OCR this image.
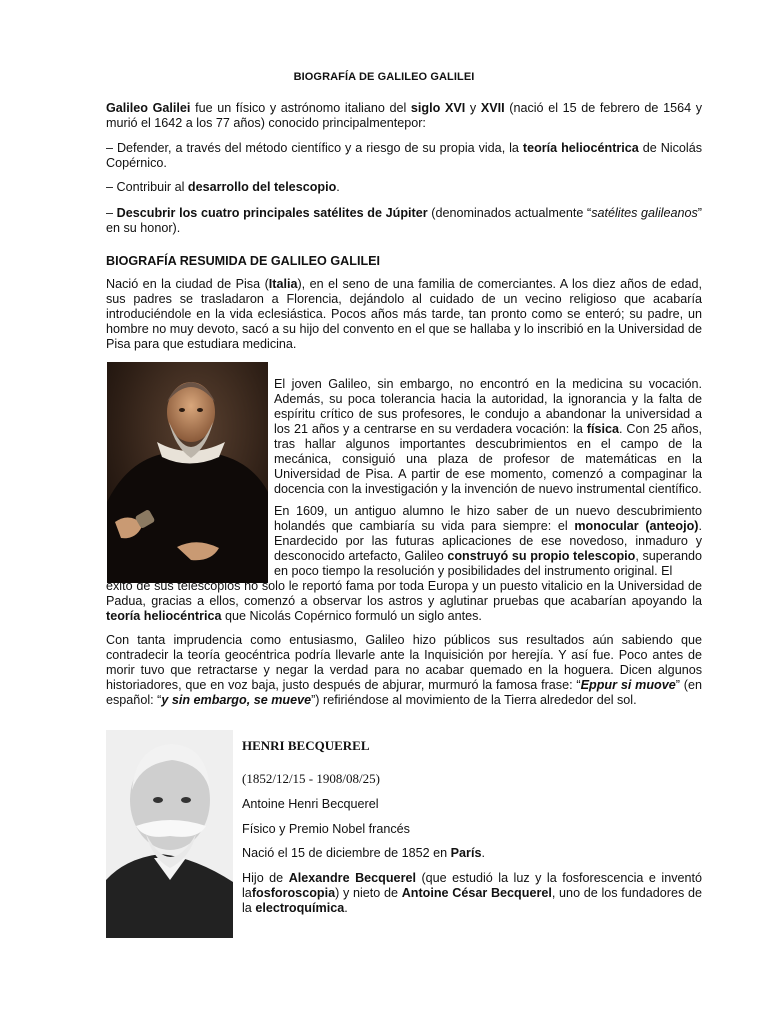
BIOGRAFÍA DE GALILEO GALILEI

Galileo Galilei fue un físico y astrónomo italiano del siglo XVI y XVII (nació el 15 de febrero de 1564 y murió el 1642 a los 77 años) conocido principalmentepor:

– Defender, a través del método científico y a riesgo de su propia vida, la teoría heliocéntrica de Nicolás Copérnico.

– Contribuir al desarrollo del telescopio.

– Descubrir los cuatro principales satélites de Júpiter (denominados actualmente “satélites galileanos” en su honor).

BIOGRAFÍA RESUMIDA DE GALILEO GALILEI

Nació en la ciudad de Pisa (Italia), en el seno de una familia de comerciantes. A los diez años de edad, sus padres se trasladaron a Florencia, dejándolo al cuidado de un vecino religioso que acabaría introduciéndole en la vida eclesiástica. Pocos años más tarde, tan pronto como se enteró; su padre, un hombre no muy devoto, sacó a su hijo del convento en el que se hallaba y lo inscribió en la Universidad de Pisa para que estudiara medicina.

El joven Galileo, sin embargo, no encontró en la medicina su vocación. Además, su poca tolerancia hacia la autoridad, la ignorancia y la falta de espíritu crítico de sus profesores, le condujo a abandonar la universidad a los 21 años y a centrarse en su verdadera vocación: la física. Con 25 años, tras hallar algunos importantes descubrimientos en el campo de la mecánica, consiguió una plaza de profesor de matemáticas en la Universidad de Pisa. A partir de ese momento, comenzó a compaginar la docencia con la investigación y la invención de nuevo instrumental científico.

En 1609, un antiguo alumno le hizo saber de un nuevo descubrimiento holandés que cambiaría su vida para siempre: el monocular (anteojo). Enardecido por las futuras aplicaciones de ese novedoso, inmaduro y desconocido artefacto, Galileo construyó su propio telescopio, superando en poco tiempo la resolución y posibilidades del instrumento original. El

éxito de sus telescopios no solo le reportó fama por toda Europa y un puesto vitalicio en la Universidad de Padua, gracias a ellos, comenzó a observar los astros y aglutinar pruebas que acabarían apoyando la teoría heliocéntrica que Nicolás Copérnico formuló un siglo antes.

Con tanta imprudencia como entusiasmo, Galileo hizo públicos sus resultados aún sabiendo que contradecir la teoría geocéntrica podría llevarle ante la Inquisición por herejía. Y así fue. Poco antes de morir tuvo que retractarse y negar la verdad para no acabar quemado en la hoguera. Dicen algunos historiadores, que en voz baja, justo después de abjurar, murmuró la famosa frase: “Eppur si muove” (en español: “y sin embargo, se mueve”) refiriéndose al movimiento de la Tierra alrededor del sol.

HENRI BECQUEREL
(1852/12/15 - 1908/08/25)

Antoine Henri Becquerel

Físico y Premio Nobel francés

Nació el 15 de diciembre de 1852 en París.

Hijo de Alexandre Becquerel (que estudió la luz y la fosforescencia e inventó lafosforoscopia) y nieto de Antoine César Becquerel, uno de los fundadores de la electroquímica.
